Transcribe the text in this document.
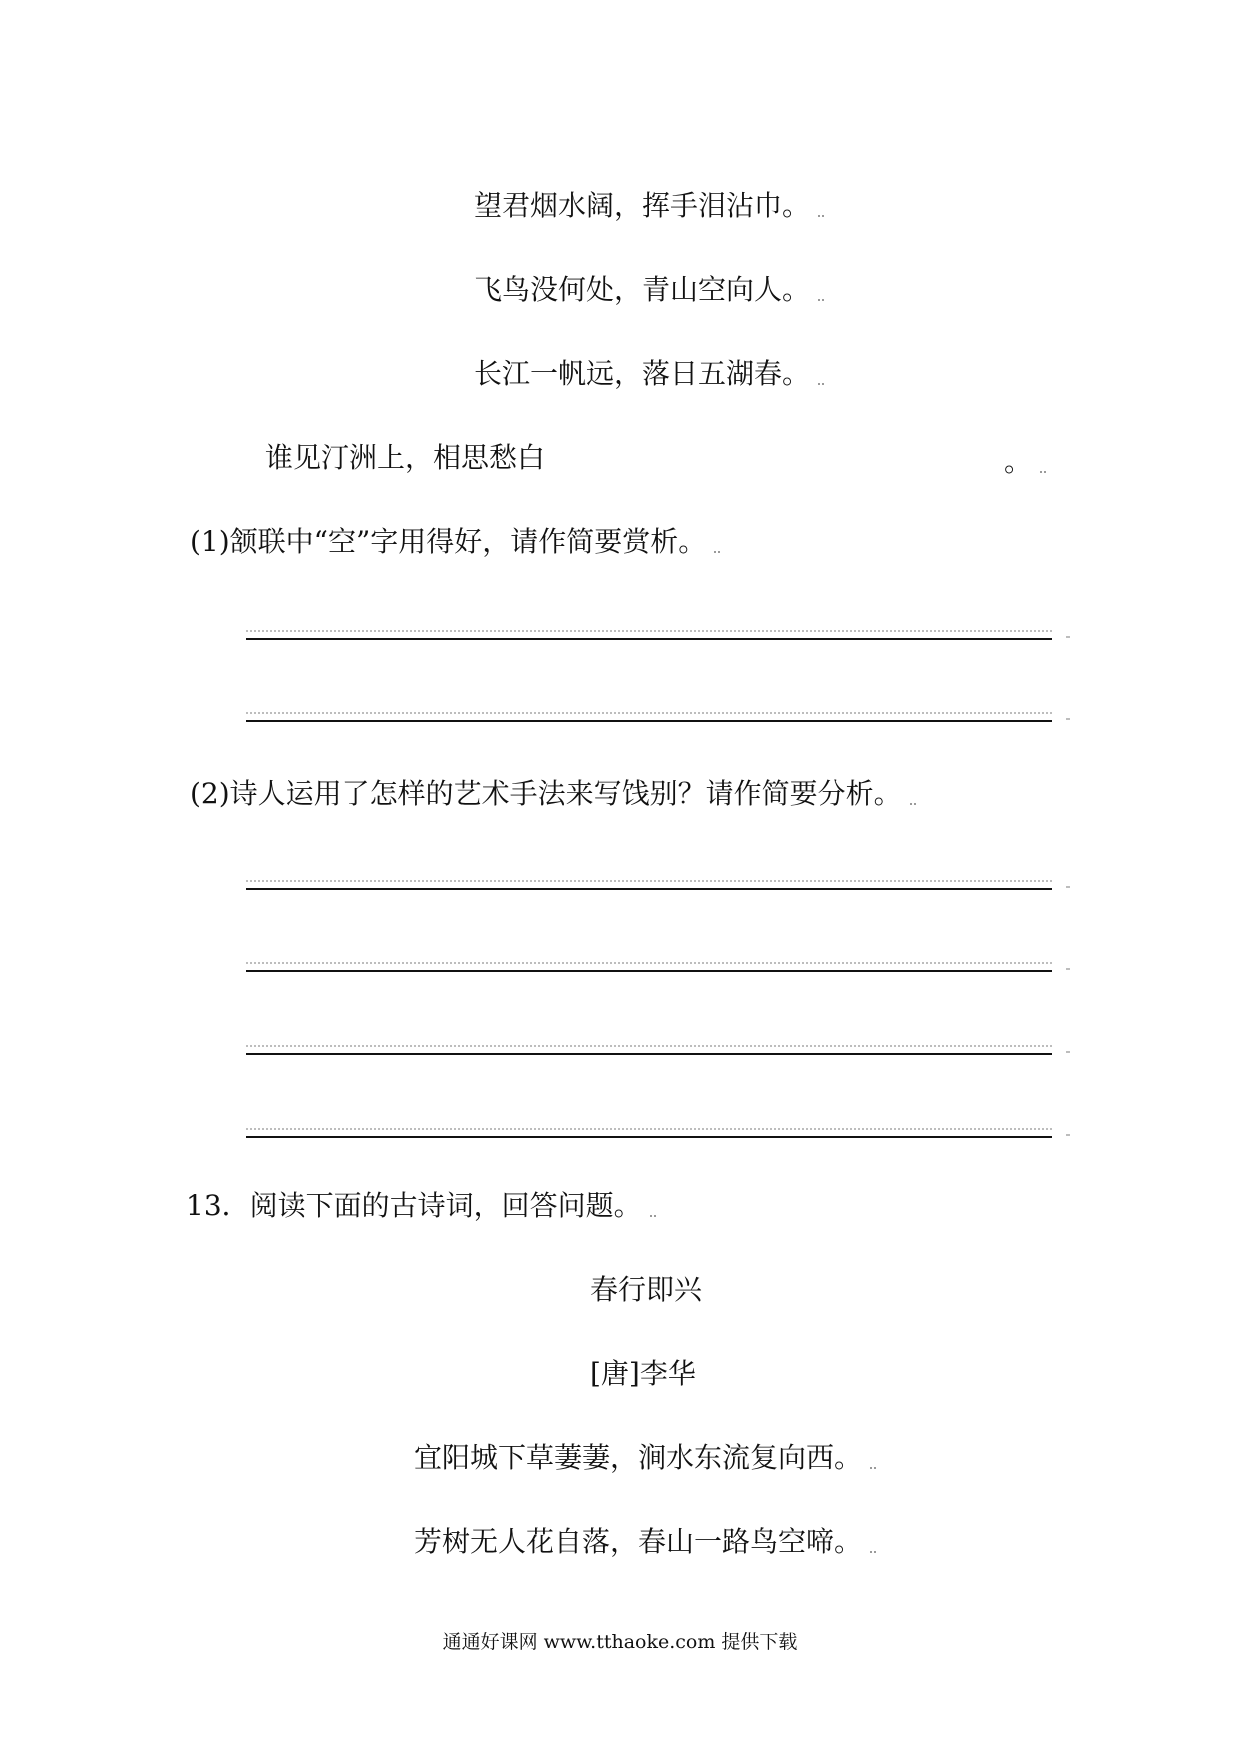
望君烟水阔，挥手泪沾巾。
飞鸟没何处，青山空向人。
长江一帆远，落日五湖春。
谁见汀洲上，相思愁白	。
(1)颔联中“空”字用得好，请作简要赏析。
(2)诗人运用了怎样的艺术手法来写饯别？请作简要分析。
13．阅读下面的古诗词，回答问题。
春行即兴
[唐]李华
宜阳城下草萋萋，涧水东流复向西。
芳树无人花自落，春山一路鸟空啼。
通通好课网 www.tthaoke.com 提供下载
